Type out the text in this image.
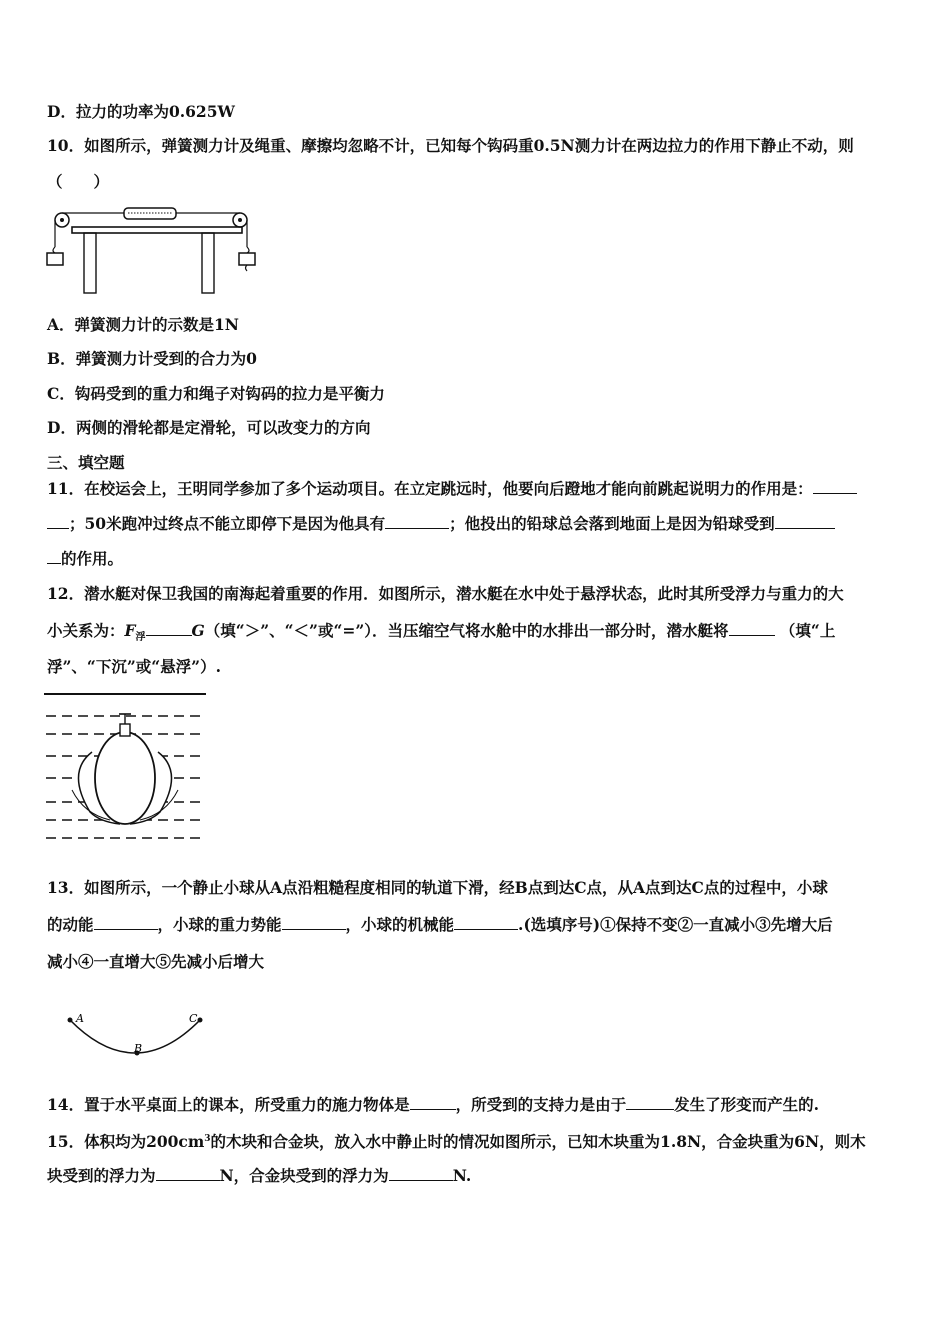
D．拉力的功率为0.625W
10．如图所示，弹簧测力计及绳重、摩擦均忽略不计，已知每个钩码重0.5N测力计在两边拉力的作用下静止不动，则
（　　）
A．弹簧测力计的示数是1N
B．弹簧测力计受到的合力为0
C．钩码受到的重力和绳子对钩码的拉力是平衡力
D．两侧的滑轮都是定滑轮，可以改变力的方向
三、填空题
11．在校运会上，王明同学参加了多个运动项目。在立定跳远时，他要向后蹬地才能向前跳起说明力的作用是：
；50米跑冲过终点不能立即停下是因为他具有	；他投出的铅球总会落到地面上是因为铅球受到
的作用。
12．潜水艇对保卫我国的南海起着重要的作用．如图所示，潜水艇在水中处于悬浮状态，此时其所受浮力与重力的大
小关系为：$F_浮$	G（填“＞”、“＜”或“=”）．当压缩空气将水舱中的水排出一部分时，潜水艇将	（填“上
浮”、“下沉”或“悬浮”）.
13．如图所示，一个静止小球从A点沿粗糙程度相同的轨道下滑，经B点到达C点，从A点到达C点的过程中，小球
的动能	，小球的重力势能	，小球的机械能	.(选填序号)①保持不变②一直减小③先增大后
减小④一直增大⑤先减小后增大
A
B
C
14．置于水平桌面上的课本，所受重力的施力物体是	，所受到的支持力是由于	发生了形变而产生的.
15．体积均为$200cm^3$的木块和合金块，放入水中静止时的情况如图所示，已知木块重为1.8N，合金块重为6N，则木
块受到的浮力为	N，合金块受到的浮力为	N.
